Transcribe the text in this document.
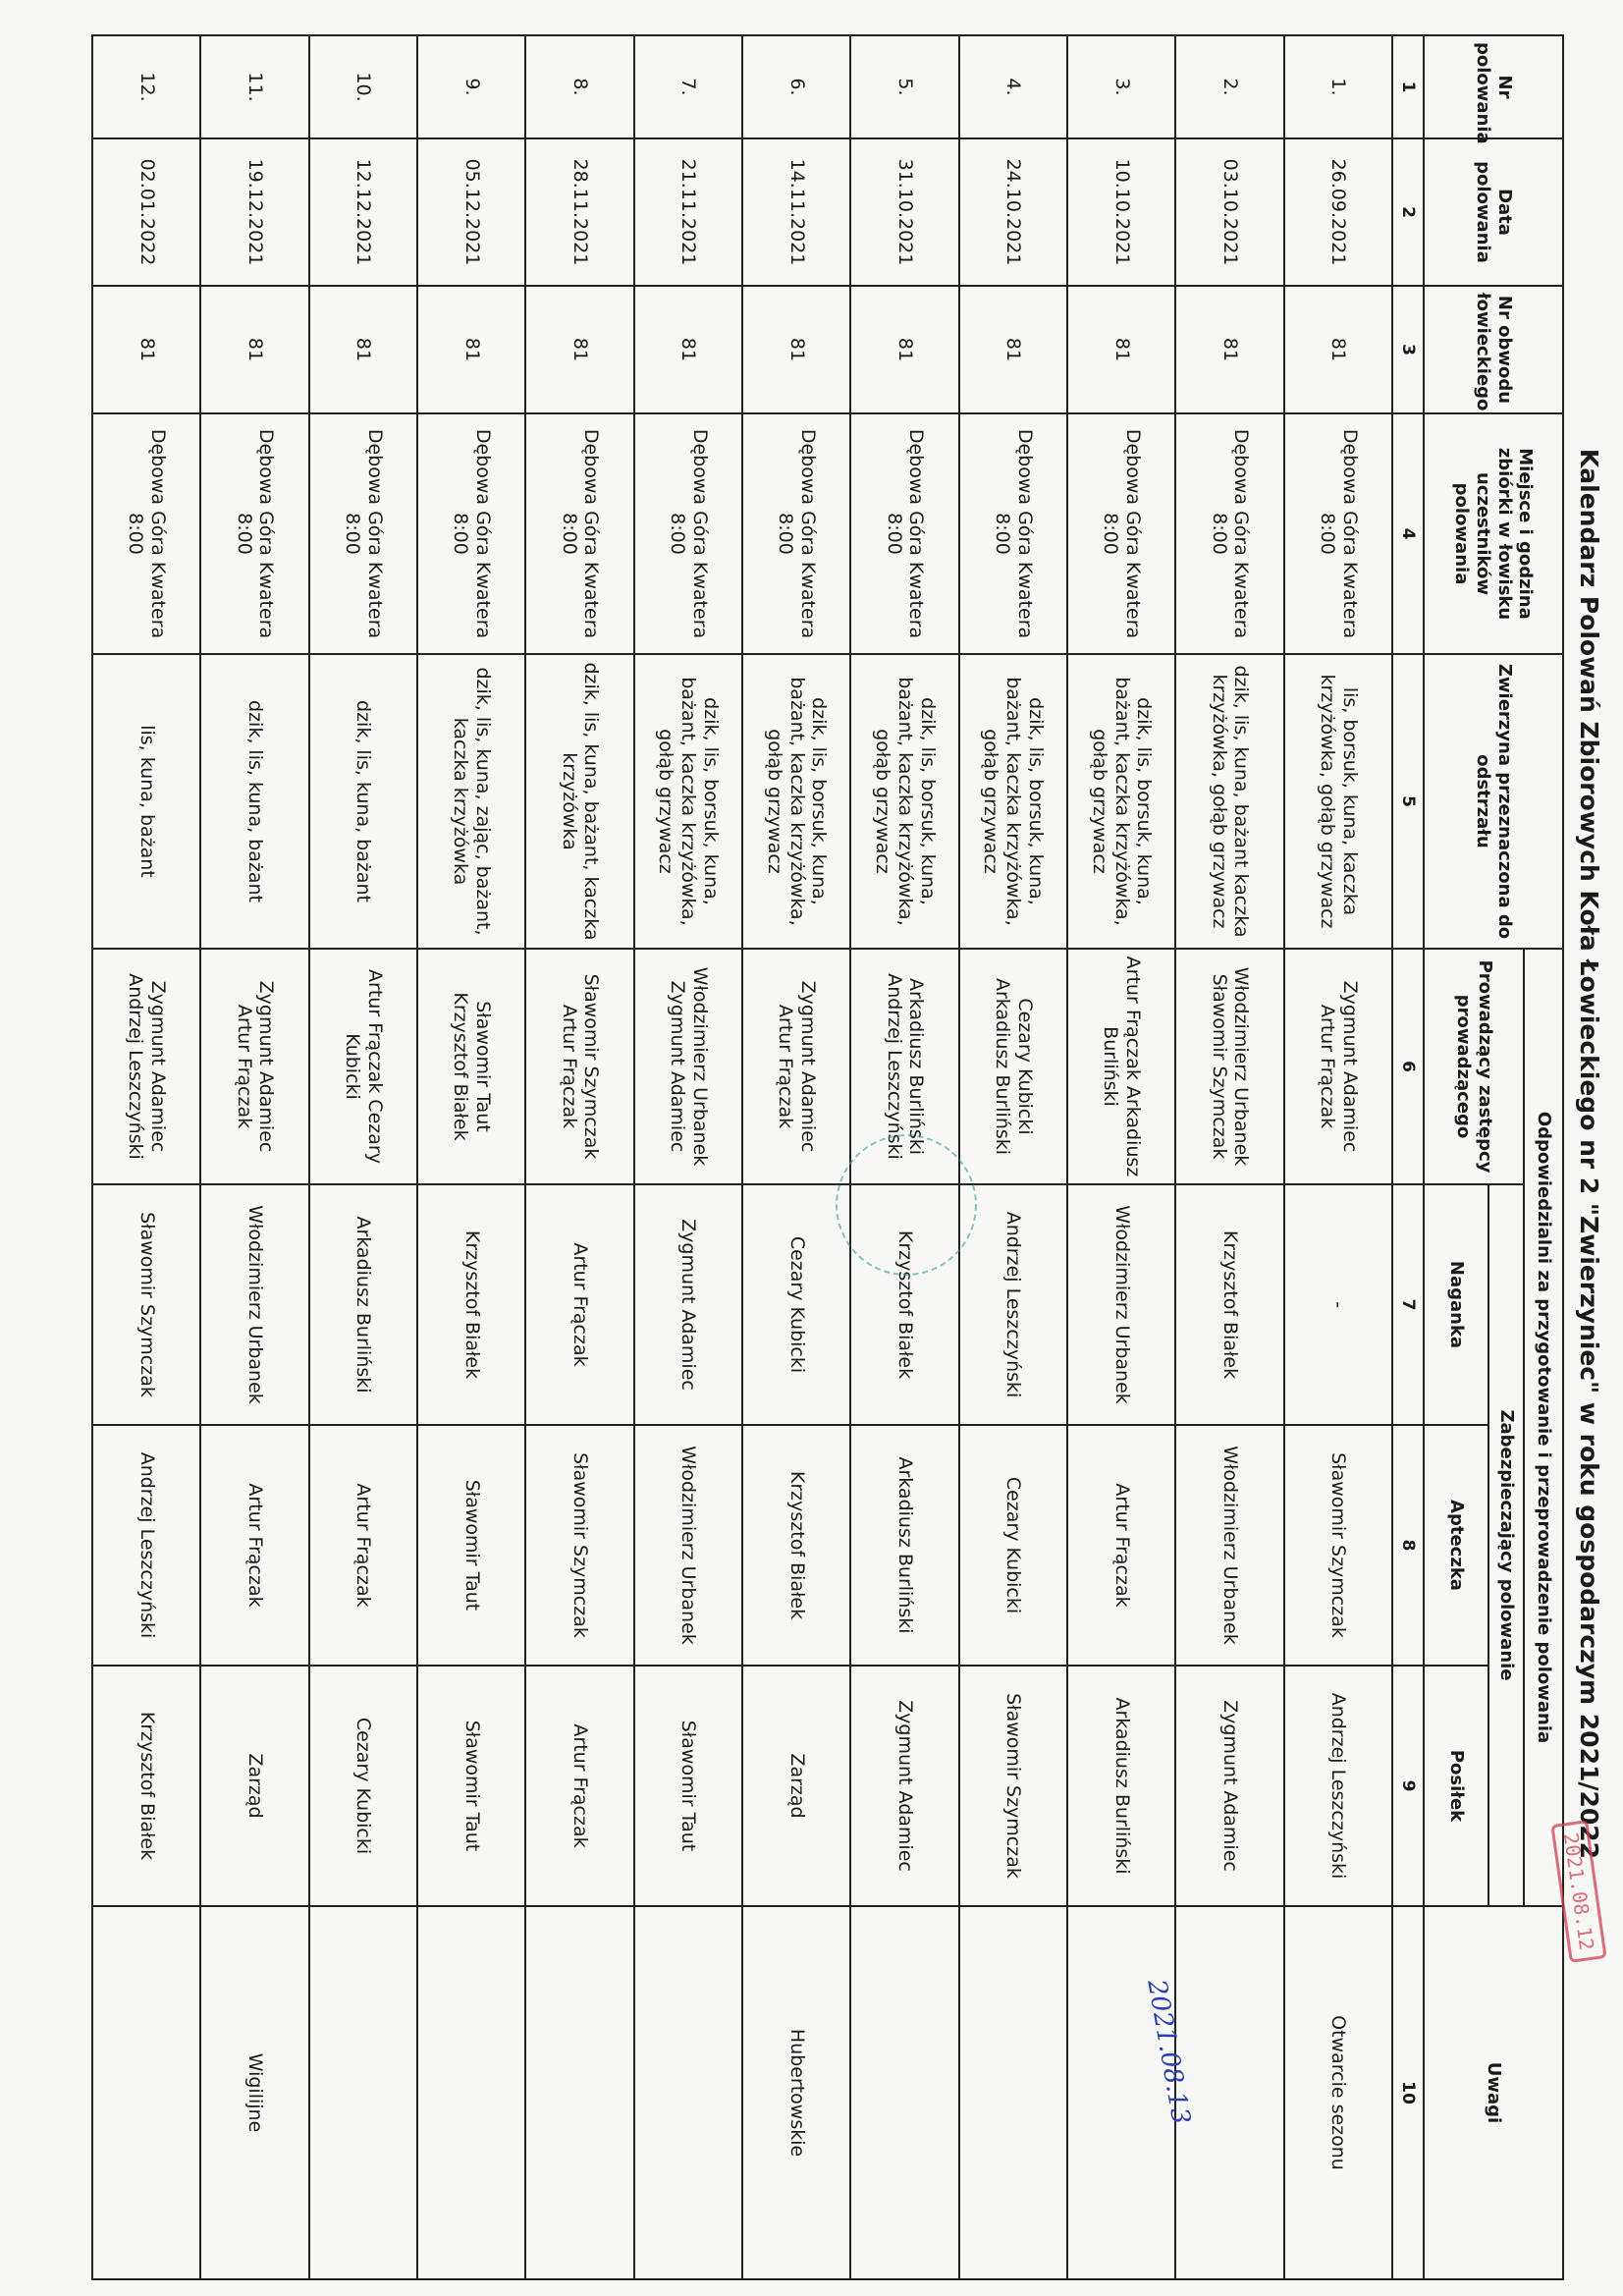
Kalendarz Polowań Zbiorowych Koła Łowieckiego nr 2 "Zwierzyniec" w roku gospodarczym 2021/2022
Nr polowania	Data polowania	Nr obwodu łowieckiego	Miejsce i godzina zbiórki w łowisku uczestników polowania	Zwierzyna przeznaczona do odstrzału	Odpowiedzialni za przygotowanie i przeprowadzenie polowania				Uwagi
					Prowadzący zastępcy prowadzącego	Zabezpieczający polowanie			
						Naganka	Apteczka	Posiłek	
1	2	3	4	5	6	7	8	9	10
1.	26.09.2021	81	Dębowa Góra Kwatera 8:00	lis, borsuk, kuna, kaczka krzyżówka, gołąb grzywacz	Zygmunt Adamiec Artur Frączak	-	Sławomir Szymczak	Andrzej Leszczyński	Otwarcie sezonu
2.	03.10.2021	81	Dębowa Góra Kwatera 8:00	dzik, lis, kuna, bażant kaczka krzyżówka, gołąb grzywacz	Włodzimierz Urbanek Sławomir Szymczak	Krzysztof Białek	Włodzimierz Urbanek	Zygmunt Adamiec	
3.	10.10.2021	81	Dębowa Góra Kwatera 8:00	dzik, lis, borsuk, kuna, bażant, kaczka krzyżówka, gołąb grzywacz	Artur Frączak Arkadiusz Burliński	Włodzimierz Urbanek	Artur Frączak	Arkadiusz Burliński	
4.	24.10.2021	81	Dębowa Góra Kwatera 8:00	dzik, lis, borsuk, kuna, bażant, kaczka krzyżówka, gołąb grzywacz	Cezary Kubicki Arkadiusz Burliński	Andrzej Leszczyński	Cezary Kubicki	Sławomir Szymczak	
5.	31.10.2021	81	Dębowa Góra Kwatera 8:00	dzik, lis, borsuk, kuna, bażant, kaczka krzyżówka, gołąb grzywacz	Arkadiusz Burliński Andrzej Leszczyński	Krzysztof Białek	Arkadiusz Burliński	Zygmunt Adamiec	
6.	14.11.2021	81	Dębowa Góra Kwatera 8:00	dzik, lis, borsuk, kuna, bażant, kaczka krzyżówka, gołąb grzywacz	Zygmunt Adamiec Artur Frączak	Cezary Kubicki	Krzysztof Białek	Zarząd	Hubertowskie
7.	21.11.2021	81	Dębowa Góra Kwatera 8:00	dzik, lis, borsuk, kuna, bażant, kaczka krzyżówka, gołąb grzywacz	Włodzimierz Urbanek Zygmunt Adamiec	Zygmunt Adamiec	Włodzimierz Urbanek	Sławomir Taut	
8.	28.11.2021	81	Dębowa Góra Kwatera 8:00	dzik, lis, kuna, bażant, kaczka krzyżówka	Sławomir Szymczak Artur Frączak	Artur Frączak	Sławomir Szymczak	Artur Frączak	
9.	05.12.2021	81	Dębowa Góra Kwatera 8:00	dzik, lis, kuna, zając, bażant, kaczka krzyżówka	Sławomir Taut Krzysztof Białek	Krzysztof Białek	Sławomir Taut	Sławomir Taut	
10.	12.12.2021	81	Dębowa Góra Kwatera 8:00	dzik, lis, kuna, bażant	Artur Frączak Cezary Kubicki	Arkadiusz Burliński	Artur Frączak	Cezary Kubicki	
11.	19.12.2021	81	Dębowa Góra Kwatera 8:00	dzik, lis, kuna, bażant	Zygmunt Adamiec Artur Frączak	Włodzimierz Urbanek	Artur Frączak	Zarząd	Wigilijne
12.	02.01.2022	81	Dębowa Góra Kwatera 8:00	lis, kuna, bażant	Zygmunt Adamiec Andrzej Leszczyński	Sławomir Szymczak	Andrzej Leszczyński	Krzysztof Białek	
2021.08.12
2021.08.13
